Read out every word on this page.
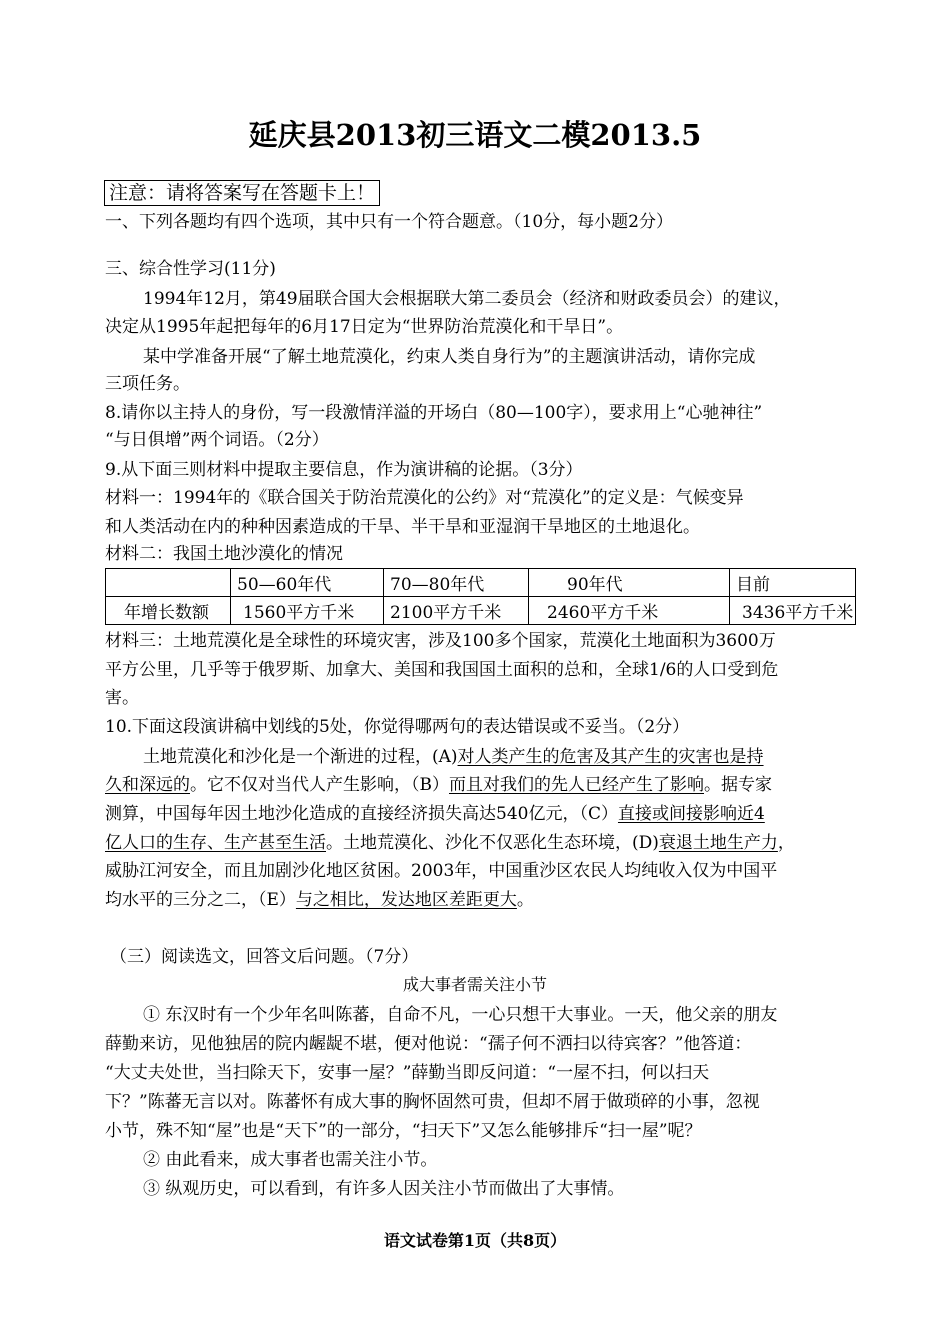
延庆县2013初三语文二模2013.5
注意：请将答案写在答题卡上！
一、下列各题均有四个选项，其中只有一个符合题意。（10分，每小题2分）
三、综合性学习(11分)
1994年12月，第49届联合国大会根据联大第二委员会（经济和财政委员会）的建议，
决定从1995年起把每年的6月17日定为“世界防治荒漠化和干旱日”。
某中学准备开展“了解土地荒漠化，约束人类自身行为”的主题演讲活动，请你完成
三项任务。
8.请你以主持人的身份，写一段激情洋溢的开场白（80—100字），要求用上“心驰神往”
“与日俱增”两个词语。（2分）
9.从下面三则材料中提取主要信息，作为演讲稿的论据。（3分）
材料一：1994年的《联合国关于防治荒漠化的公约》对“荒漠化”的定义是：气候变异
和人类活动在内的种种因素造成的干旱、半干旱和亚湿润干旱地区的土地退化。
材料二：我国土地沙漠化的情况
	50—60年代	70—80年代	90年代	目前
年增长数额	1560平方千米	2100平方千米	2460平方千米	3436平方千米
材料三：土地荒漠化是全球性的环境灾害，涉及100多个国家，荒漠化土地面积为3600万
平方公里，几乎等于俄罗斯、加拿大、美国和我国国土面积的总和，全球1/6的人口受到危
害。
10.下面这段演讲稿中划线的5处，你觉得哪两句的表达错误或不妥当。（2分）
土地荒漠化和沙化是一个渐进的过程，(A)对人类产生的危害及其产生的灾害也是持
久和深远的。它不仅对当代人产生影响，（B）而且对我们的先人已经产生了影响。据专家
测算，中国每年因土地沙化造成的直接经济损失高达540亿元，（C）直接或间接影响近4
亿人口的生存、生产甚至生活。土地荒漠化、沙化不仅恶化生态环境，(D)衰退土地生产力，
威胁江河安全，而且加剧沙化地区贫困。2003年，中国重沙区农民人均纯收入仅为中国平
均水平的三分之二，（E）与之相比，发达地区差距更大。
（三）阅读选文，回答文后问题。（7分）
成大事者需关注小节
① 东汉时有一个少年名叫陈蕃，自命不凡，一心只想干大事业。一天，他父亲的朋友
薛勤来访，见他独居的院内龌龊不堪，便对他说：“孺子何不洒扫以待宾客？”他答道：
“大丈夫处世，当扫除天下，安事一屋？”薛勤当即反问道：“一屋不扫，何以扫天
下？”陈蕃无言以对。陈蕃怀有成大事的胸怀固然可贵，但却不屑于做琐碎的小事，忽视
小节，殊不知“屋”也是“天下”的一部分，“扫天下”又怎么能够排斥“扫一屋”呢？
② 由此看来，成大事者也需关注小节。
③ 纵观历史，可以看到，有许多人因关注小节而做出了大事情。
语文试卷第1页（共8页）
